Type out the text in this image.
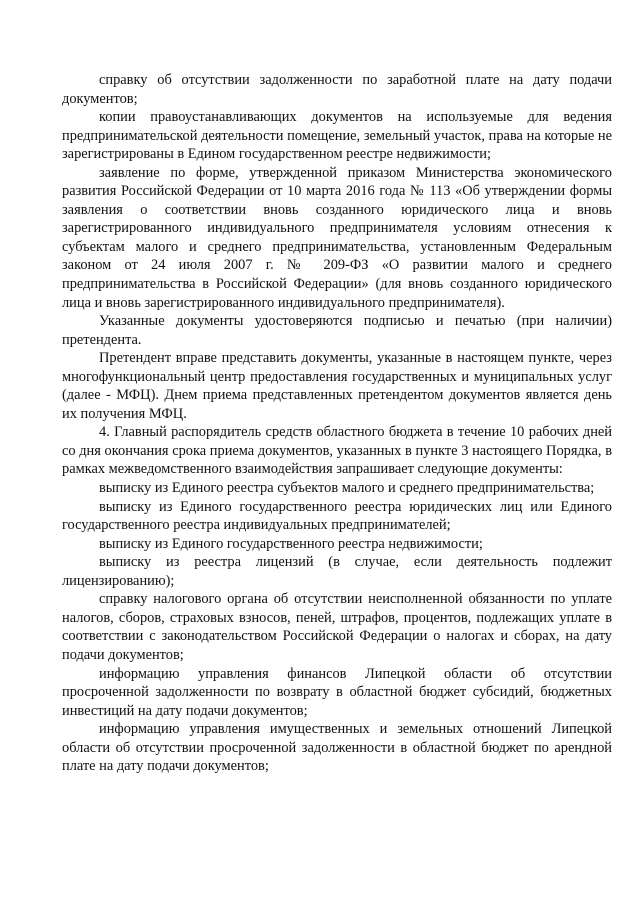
справку об отсутствии задолженности по заработной плате на дату подачи документов;

копии правоустанавливающих документов на используемые для ведения предпринимательской деятельности помещение, земельный участок, права на которые не зарегистрированы в Едином государственном реестре недвижимости;

заявление по форме, утвержденной приказом Министерства экономического развития Российской Федерации от 10 марта 2016 года № 113 «Об утверждении формы заявления о соответствии вновь созданного юридического лица и вновь зарегистрированного индивидуального предпринимателя условиям отнесения к субъектам малого и среднего предпринимательства, установленным Федеральным законом от 24 июля 2007 г. № 209-ФЗ «О развитии малого и среднего предпринимательства в Российской Федерации» (для вновь созданного юридического лица и вновь зарегистрированного индивидуального предпринимателя).

Указанные документы удостоверяются подписью и печатью (при наличии) претендента.

Претендент вправе представить документы, указанные в настоящем пункте, через многофункциональный центр предоставления государственных и муниципальных услуг (далее - МФЦ). Днем приема представленных претендентом документов является день их получения МФЦ.

4. Главный распорядитель средств областного бюджета в течение 10 рабочих дней со дня окончания срока приема документов, указанных в пункте 3 настоящего Порядка, в рамках межведомственного взаимодействия запрашивает следующие документы:

выписку из Единого реестра субъектов малого и среднего предпринимательства;

выписку из Единого государственного реестра юридических лиц или Единого государственного реестра индивидуальных предпринимателей;

выписку из Единого государственного реестра недвижимости;

выписку из реестра лицензий (в случае, если деятельность подлежит лицензированию);

справку налогового органа об отсутствии неисполненной обязанности по уплате налогов, сборов, страховых взносов, пеней, штрафов, процентов, подлежащих уплате в соответствии с законодательством Российской Федерации о налогах и сборах, на дату подачи документов;

информацию управления финансов Липецкой области об отсутствии просроченной задолженности по возврату в областной бюджет субсидий, бюджетных инвестиций на дату подачи документов;

информацию управления имущественных и земельных отношений Липецкой области об отсутствии просроченной задолженности в областной бюджет по арендной плате на дату подачи документов;
